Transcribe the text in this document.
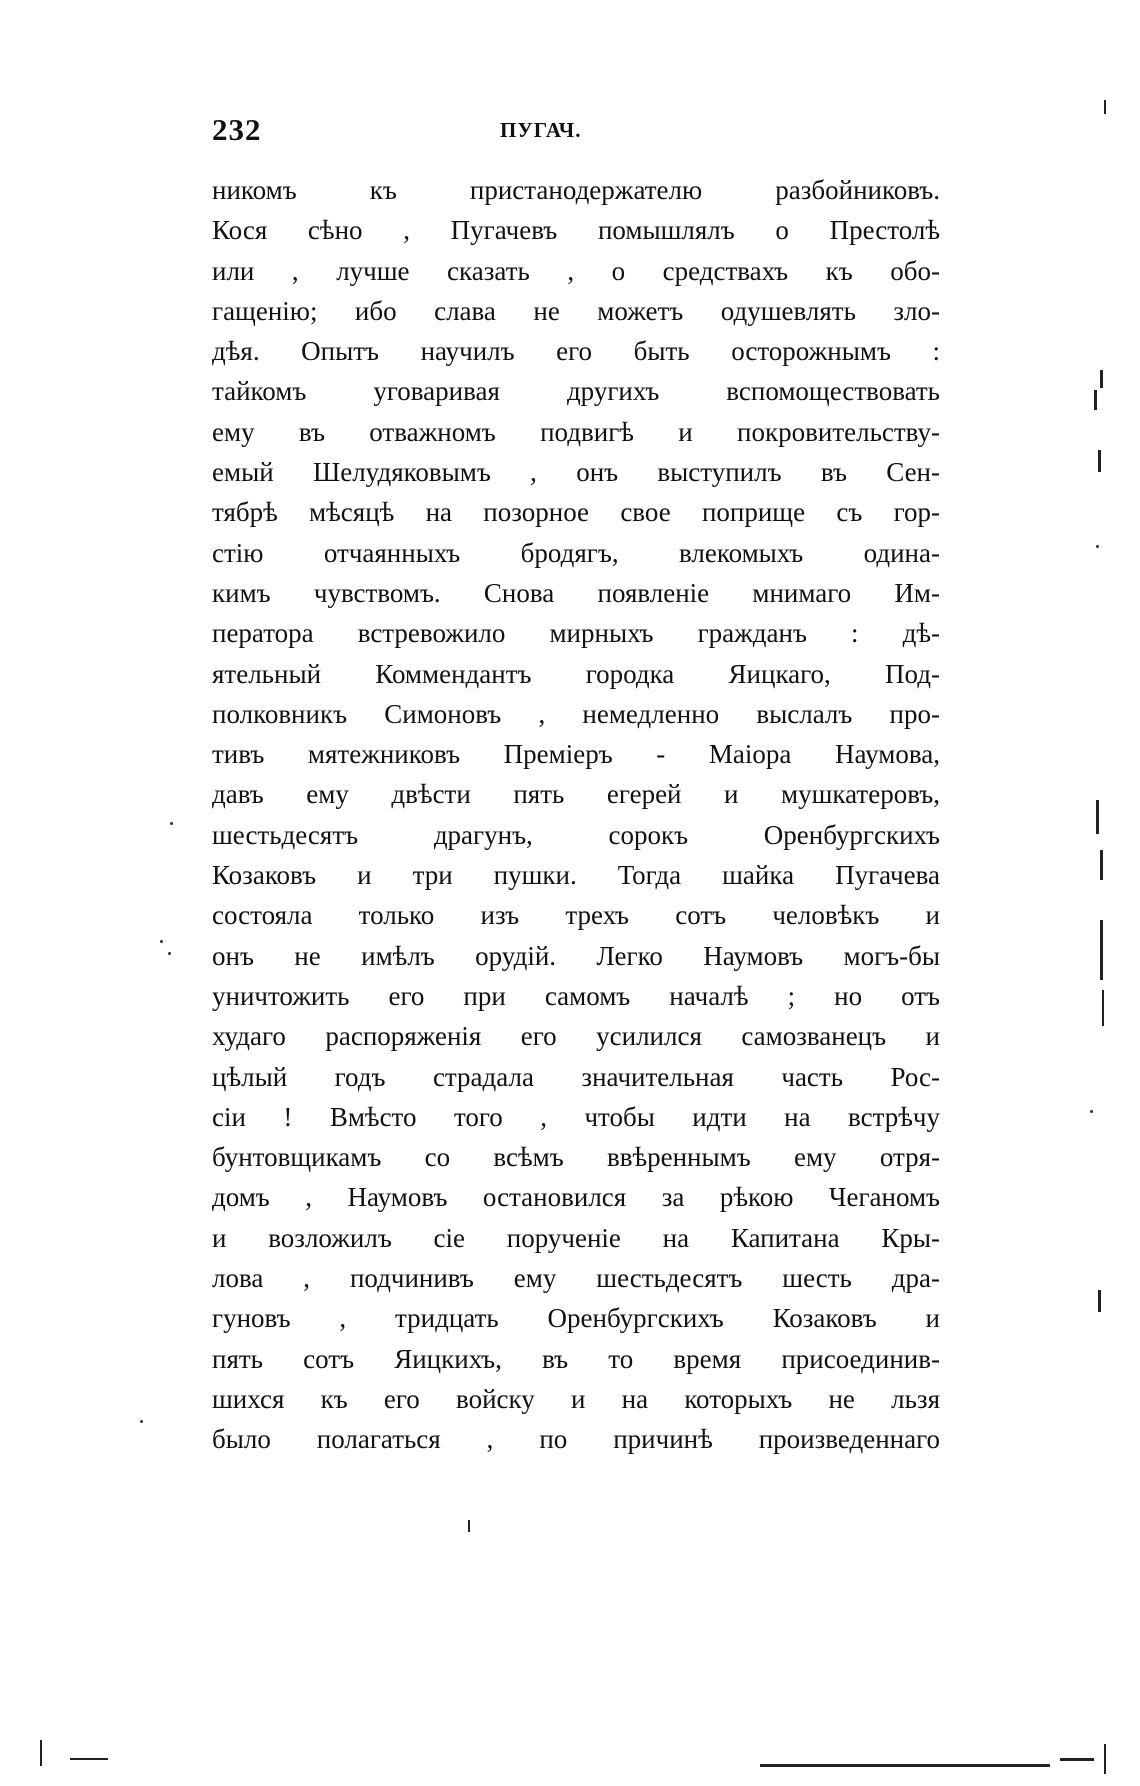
232	ПУГАЧ.
никомъ къ пристанодержателю разбойниковъ.
Кося сѣно , Пугачевъ помышлялъ о Престолѣ
или , лучше сказать , о средствахъ къ обо-
гащенію; ибо слава не можетъ одушевлять зло-
дѣя. Опытъ научилъ его быть осторожнымъ :
тайкомъ уговаривая другихъ вспомоществовать
ему въ отважномъ подвигѣ и покровительству-
емый Шелудяковымъ , онъ выступилъ въ Сен-
тябрѣ мѣсяцѣ на позорное свое поприще съ гор-
стію отчаянныхъ бродягъ, влекомыхъ одина-
кимъ чувствомъ. Снова появленіе мнимаго Им-
ператора встревожило мирныхъ гражданъ : дѣ-
ятельный Коммендантъ городка Яицкаго, Под-
полковникъ Симоновъ , немедленно выслалъ про-
тивъ мятежниковъ Премiеръ - Маiора Наумова,
давъ ему двѣсти пять егерей и мушкатеровъ,
шестьдесятъ драгунъ, сорокъ Оренбургскихъ
Козаковъ и три пушки. Тогда шайка Пугачева
состояла только изъ трехъ сотъ человѣкъ и
онъ не имѣлъ орудій. Легко Наумовъ могъ-бы
уничтожить его при самомъ началѣ ; но отъ
худаго распоряженія его усилился самозванецъ и
цѣлый годъ страдала значительная часть Рос-
сіи ! Вмѣсто того , чтобы идти на встрѣчу
бунтовщикамъ со всѣмъ ввѣреннымъ ему отря-
домъ , Наумовъ остановился за рѣкою Чеганомъ
и возложилъ сіе порученіе на Капитана Кры-
лова , подчинивъ ему шестьдесятъ шесть дра-
гуновъ , тридцать Оренбургскихъ Козаковъ и
пять сотъ Яицкихъ, въ то время присоединив-
шихся къ его войску и на которыхъ не льзя
было полагаться , по причинѣ произведеннаго
